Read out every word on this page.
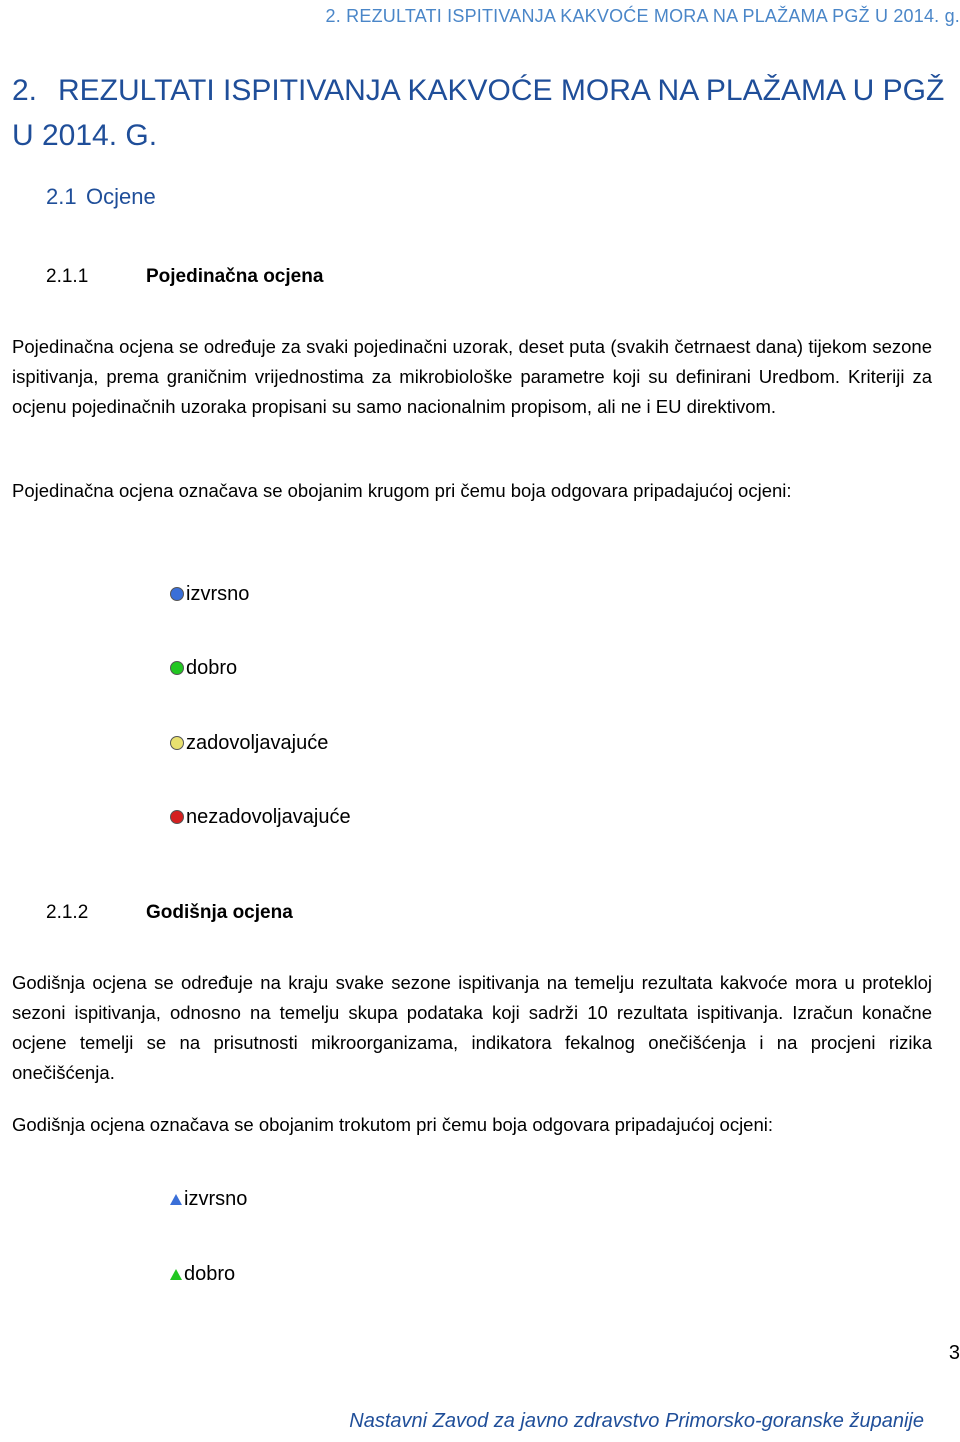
2. REZULTATI ISPITIVANJA KAKVOĆE MORA NA PLAŽAMA PGŽ U 2014. g.
2. REZULTATI ISPITIVANJA KAKVOĆE MORA NA PLAŽAMA U PGŽ U 2014. G.
2.1 Ocjene
2.1.1	Pojedinačna ocjena
Pojedinačna ocjena se određuje za svaki pojedinačni uzorak, deset puta (svakih četrnaest dana) tijekom sezone ispitivanja, prema graničnim vrijednostima za mikrobiološke parametre koji su definirani Uredbom. Kriteriji za ocjenu pojedinačnih uzoraka propisani su samo nacionalnim propisom, ali ne i EU direktivom.
Pojedinačna ocjena označava se obojanim krugom pri čemu boja odgovara pripadajućoj ocjeni:
izvrsno
dobro
zadovoljavajuće
nezadovoljavajuće
2.1.2	Godišnja ocjena
Godišnja ocjena se određuje na kraju svake sezone ispitivanja na temelju rezultata kakvoće mora u protekloj sezoni ispitivanja, odnosno na temelju skupa podataka koji sadrži 10 rezultata ispitivanja. Izračun konačne ocjene temelji se na prisutnosti mikroorganizama, indikatora fekalnog onečišćenja i na procjeni rizika onečišćenja.
Godišnja ocjena označava se obojanim trokutom pri čemu boja odgovara pripadajućoj ocjeni:
izvrsno
dobro
3
Nastavni Zavod za javno zdravstvo Primorsko-goranske županije
